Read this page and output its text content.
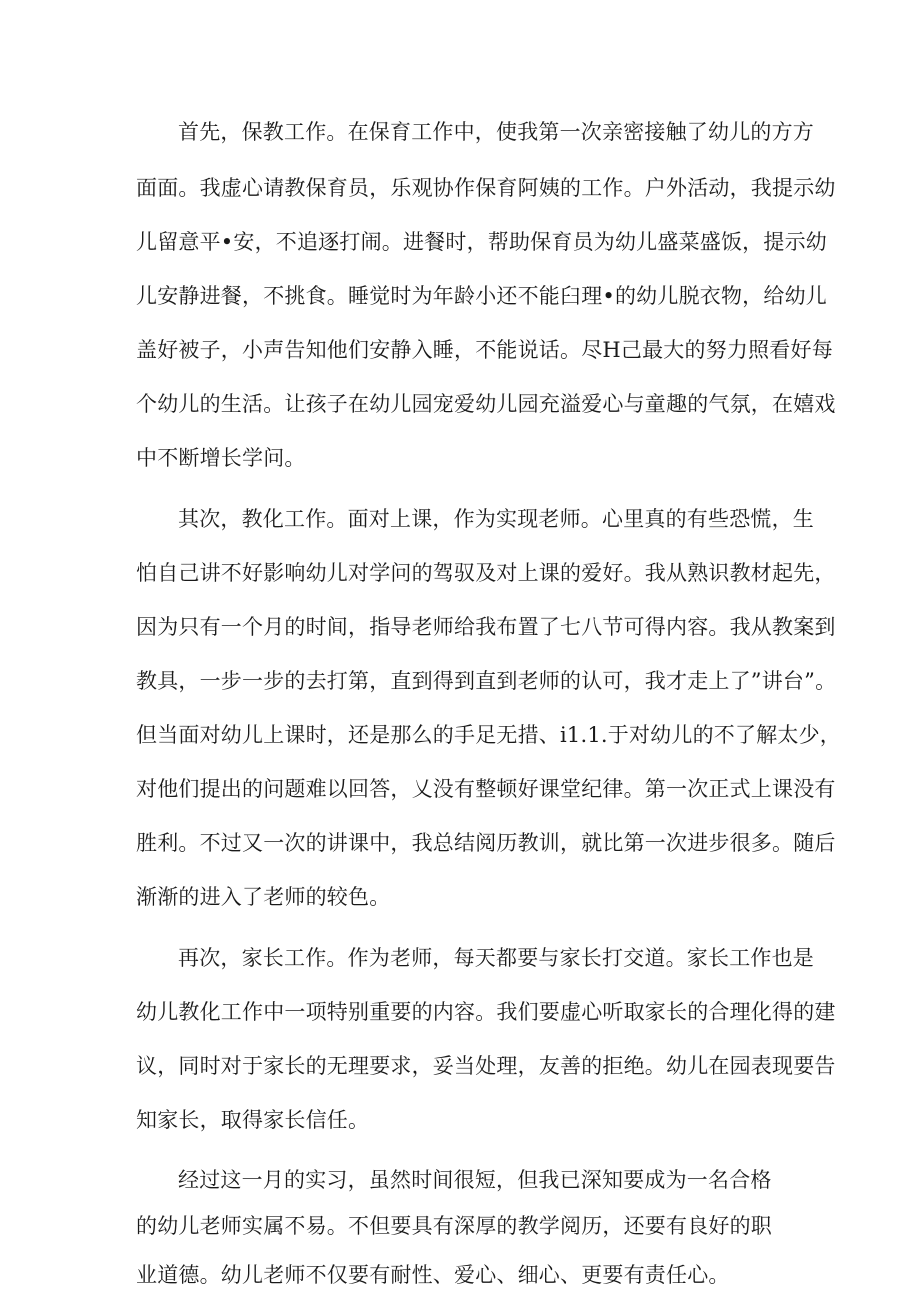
首先，保教工作。在保育工作中，使我第一次亲密接触了幼儿的方方
面面。我虚心请教保育员，乐观协作保育阿姨的工作。户外活动，我提示幼
儿留意平•安，不追逐打闹。进餐时，帮助保育员为幼儿盛菜盛饭，提示幼
儿安静进餐，不挑食。睡觉时为年龄小还不能臼理•的幼儿脱衣物，给幼儿
盖好被子，小声告知他们安静入睡，不能说话。尽H己最大的努力照看好每
个幼儿的生活。让孩子在幼儿园宠爱幼儿园充溢爱心与童趣的气氛，在嬉戏
中不断增长学问。
其次，教化工作。面对上课，作为实现老师。心里真的有些恐慌，生
怕自己讲不好影响幼儿对学问的驾驭及对上课的爱好。我从熟识教材起先，
因为只有一个月的时间，指导老师给我布置了七八节可得内容。我从教案到
教具，一步一步的去打第，直到得到直到老师的认可，我才走上了”讲台”。
但当面对幼儿上课时，还是那么的手足无措、i1.1.于对幼儿的不了解太少，
对他们提出的问题难以回答，乂没有整顿好课堂纪律。第一次正式上课没有
胜利。不过又一次的讲课中，我总结阅历教训，就比第一次进步很多。随后
渐渐的进入了老师的较色。
再次，家长工作。作为老师，每天都要与家长打交道。家长工作也是
幼儿教化工作中一项特别重要的内容。我们要虚心听取家长的合理化得的建
议，同时对于家长的无理要求，妥当处理，友善的拒绝。幼儿在园表现要告
知家长，取得家长信任。
经过这一月的实习，虽然时间很短，但我已深知要成为一名合格
的幼儿老师实属不易。不但要具有深厚的教学阅历，还要有良好的职
业道德。幼儿老师不仅要有耐性、爱心、细心、更要有责任心。
